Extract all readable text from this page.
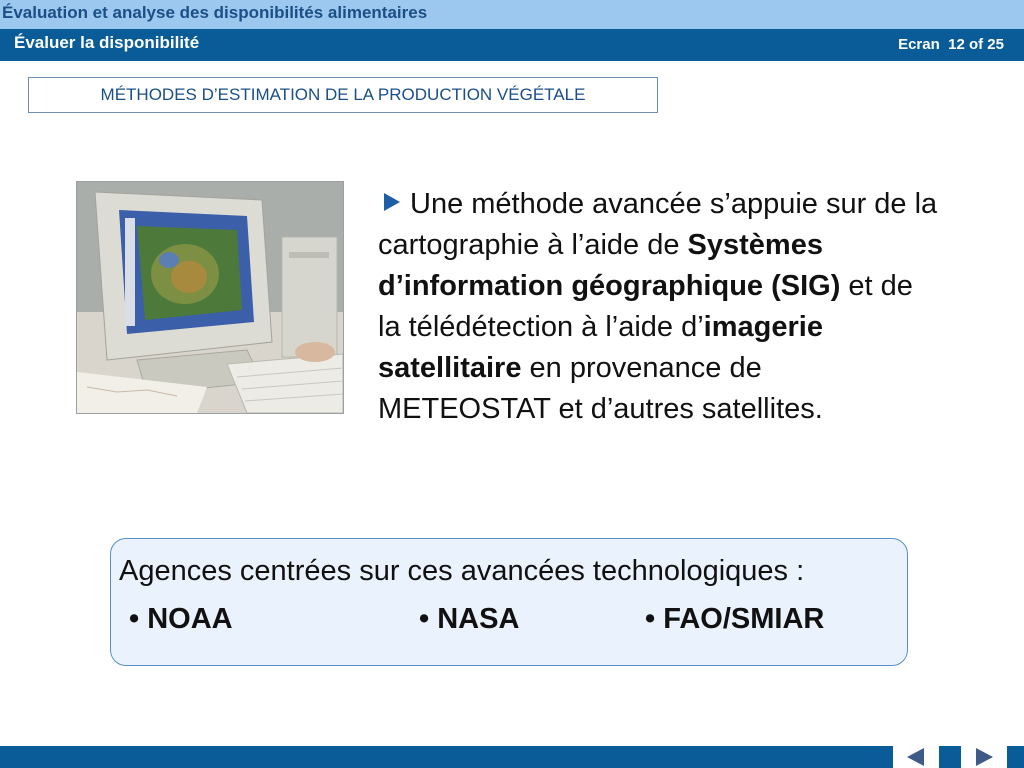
Évaluation et analyse des disponibilités alimentaires
Évaluer la disponibilité	Ecran 12 of 25
MÉTHODES D’ESTIMATION DE LA PRODUCTION VÉGÉTALE
Une méthode avancée s’appuie sur de la cartographie à l’aide de Systèmes d’information géographique (SIG) et de la télédétection à l’aide d’imagerie satellitaire en provenance de METEOSTAT et d’autres satellites.
Agences centrées sur ces avancées technologiques :
• NOAA	• NASA	• FAO/SMIAR
